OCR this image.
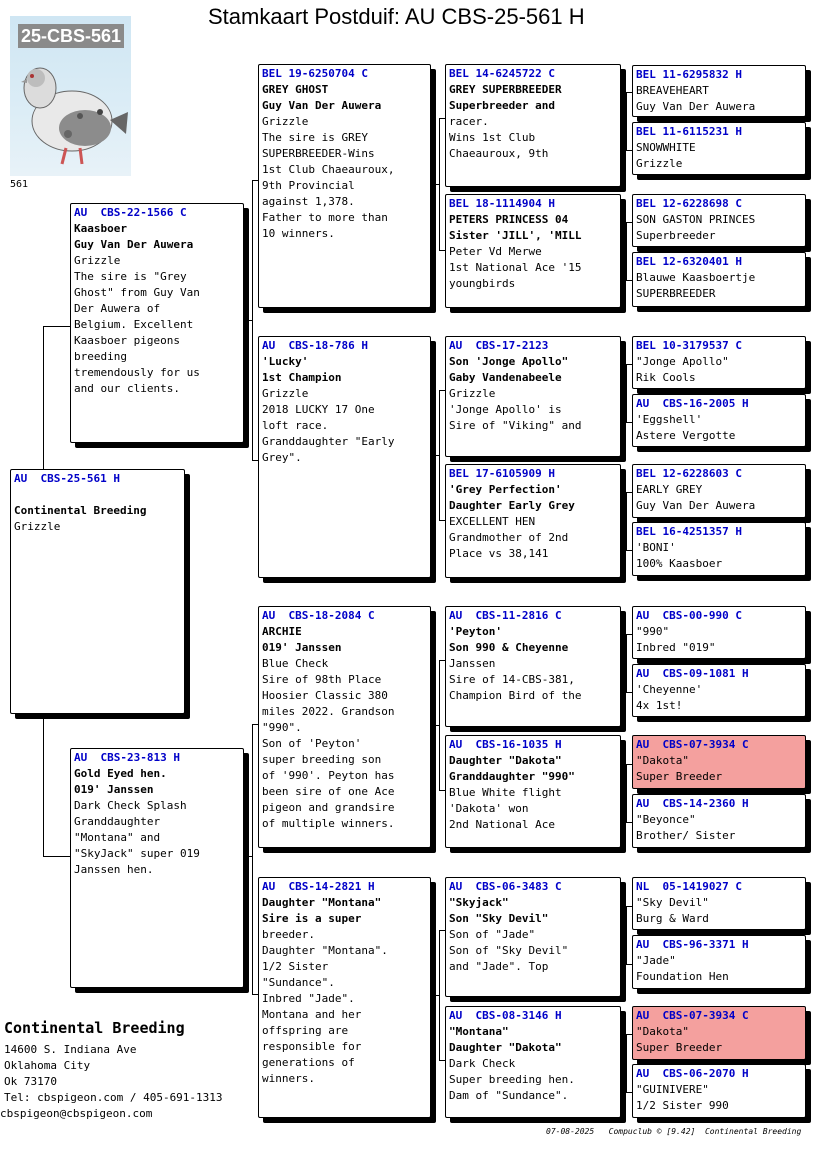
Stamkaart Postduif: AU CBS-25-561 H
25-CBS-561
561
AU  CBS-25-561 H

Continental Breeding
Grizzle
AU  CBS-22-1566 C
Kaasboer
Guy Van Der Auwera
Grizzle
The sire is "Grey
Ghost" from Guy Van
Der Auwera of
Belgium. Excellent
Kaasboer pigeons
breeding
tremendously for us
and our clients.
AU  CBS-23-813 H
Gold Eyed hen.
019' Janssen
Dark Check Splash
Granddaughter
"Montana" and
"SkyJack" super 019
Janssen hen.
BEL 19-6250704 C
GREY GHOST
Guy Van Der Auwera
Grizzle
The sire is GREY
SUPERBREEDER-Wins
1st Club Chaeauroux,
9th Provincial
against 1,378.
Father to more than
10 winners.
AU  CBS-18-786 H
'Lucky'
1st Champion
Grizzle
2018 LUCKY 17 One
loft race.
Granddaughter "Early
Grey".
AU  CBS-18-2084 C
ARCHIE
019' Janssen
Blue Check
Sire of 98th Place
Hoosier Classic 380
miles 2022. Grandson
"990".
Son of 'Peyton'
super breeding son
of '990'. Peyton has
been sire of one Ace
pigeon and grandsire
of multiple winners.
AU  CBS-14-2821 H
Daughter "Montana"
Sire is a super
breeder.
Daughter "Montana".
1/2 Sister
"Sundance".
Inbred "Jade".
Montana and her
offspring are
responsible for
generations of
winners.
BEL 14-6245722 C
GREY SUPERBREEDER
Superbreeder and
racer.
Wins 1st Club
Chaeauroux, 9th
BEL 18-1114904 H
PETERS PRINCESS 04
Sister 'JILL', 'MILL
Peter Vd Merwe
1st National Ace '15
youngbirds
AU  CBS-17-2123
Son 'Jonge Apollo"
Gaby Vandenabeele
Grizzle
'Jonge Apollo' is
Sire of "Viking" and
BEL 17-6105909 H
'Grey Perfection'
Daughter Early Grey
EXCELLENT HEN
Grandmother of 2nd
Place vs 38,141
AU  CBS-11-2816 C
'Peyton'
Son 990 & Cheyenne
Janssen
Sire of 14-CBS-381,
Champion Bird of the
AU  CBS-16-1035 H
Daughter "Dakota"
Granddaughter "990"
Blue White flight
'Dakota' won
2nd National Ace
AU  CBS-06-3483 C
"Skyjack"
Son "Sky Devil"
Son of "Jade"
Son of "Sky Devil"
and "Jade". Top
AU  CBS-08-3146 H
"Montana"
Daughter "Dakota"
Dark Check
Super breeding hen.
Dam of "Sundance".
BEL 11-6295832 H
BREAVEHEART
Guy Van Der Auwera
BEL 11-6115231 H
SNOWWHITE
Grizzle
BEL 12-6228698 C
SON GASTON PRINCES
Superbreeder
BEL 12-6320401 H
Blauwe Kaasboertje
SUPERBREEDER
BEL 10-3179537 C
"Jonge Apollo"
Rik Cools
AU  CBS-16-2005 H
'Eggshell'
Astere Vergotte
BEL 12-6228603 C
EARLY GREY
Guy Van Der Auwera
BEL 16-4251357 H
'BONI'
100% Kaasboer
AU  CBS-00-990 C
"990"
Inbred "019"
AU  CBS-09-1081 H
'Cheyenne'
4x 1st!
AU  CBS-07-3934 C
"Dakota"
Super Breeder
AU  CBS-14-2360 H
"Beyonce"
Brother/ Sister
NL  05-1419027 C
"Sky Devil"
Burg & Ward
AU  CBS-96-3371 H
"Jade"
Foundation Hen
AU  CBS-07-3934 C
"Dakota"
Super Breeder
AU  CBS-06-2070 H
"GUINIVERE"
1/2 Sister 990
Continental Breeding
14600 S. Indiana Ave
Oklahoma City
Ok 73170
Tel: cbspigeon.com / 405-691-1313
cbspigeon@cbspigeon.com
07-08-2025 Compuclub © [9.42] Continental Breeding
